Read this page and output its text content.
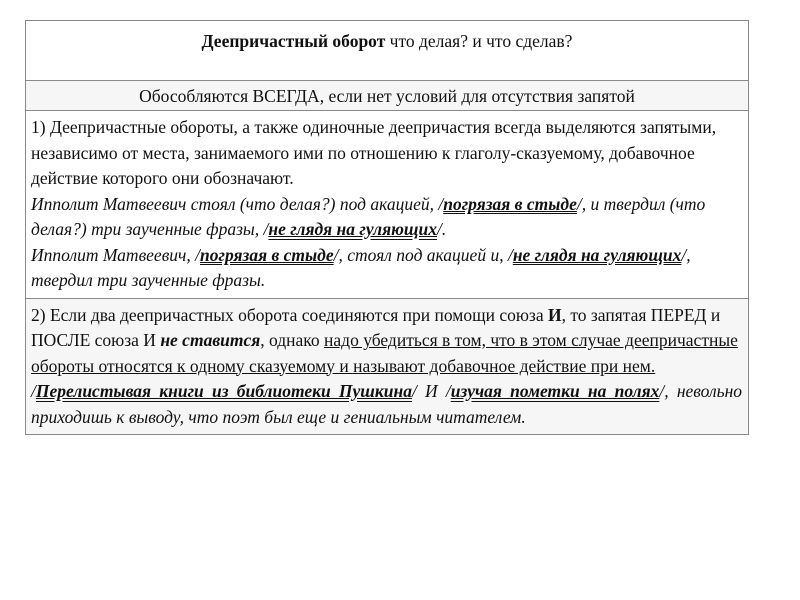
Деепричастный оборот что делая? и что сделав?
Обособляются ВСЕГДА, если нет условий для отсутствия запятой

1) Деепричастные обороты, а также одиночные деепричастия всегда выделяются запятыми, независимо от места, занимаемого ими по отношению к глаголу-сказуемому, добавочное действие которого они обозначают.

Ипполит Матвеевич стоял (что делая?) под акацией, /погрязая в стыде/, и твердил (что делая?) три заученные фразы, /не глядя на гуляющих/.

Ипполит Матвеевич, /погрязая в стыде/, стоял под акацией и, /не глядя на гуляющих/, твердил три заученные фразы.

2) Если два деепричастных оборота соединяются при помощи союза И, то запятая ПЕРЕД и ПОСЛЕ союза И не ставится, однако надо убедиться в том, что в этом случае деепричастные обороты относятся к одному сказуемому и называют добавочное действие при нем.

/Перелистывая книги из библиотеки Пушкина/ И /изучая пометки на полях/, невольно приходишь к выводу, что поэт был еще и гениальным читателем.
